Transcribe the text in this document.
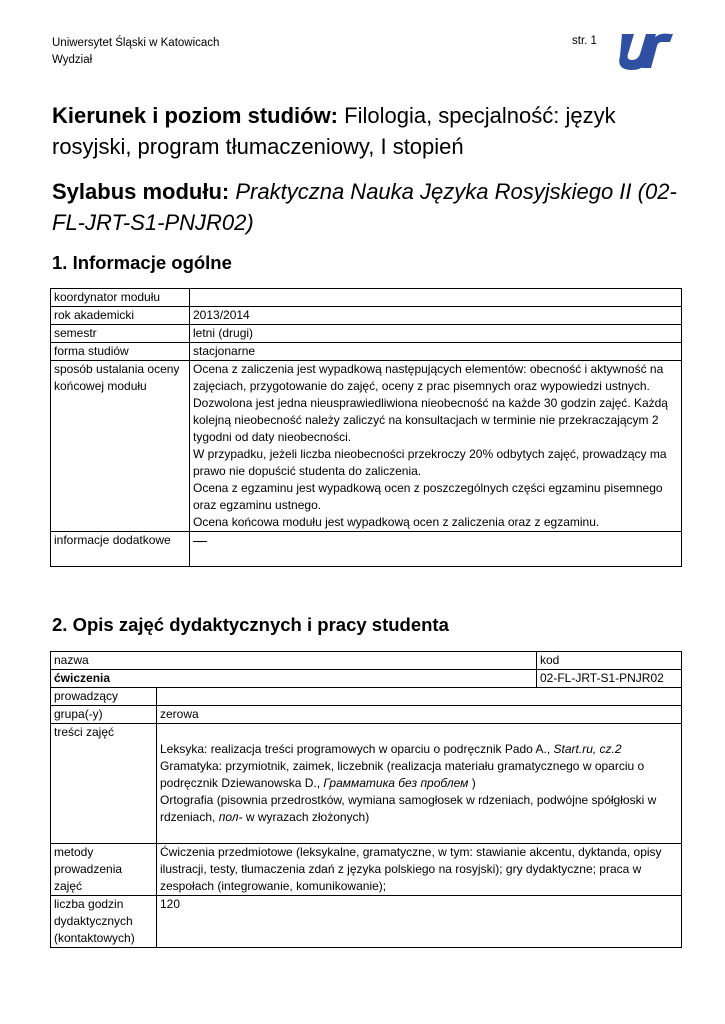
Uniwersytet Śląski w Katowicach
Wydział
str. 1
Kierunek i poziom studiów: Filologia, specjalność: język rosyjski, program tłumaczeniowy, I stopień
Sylabus modułu: Praktyczna Nauka Języka Rosyjskiego II (02-FL-JRT-S1-PNJR02)
1. Informacje ogólne
koordynator modułu	
rok akademicki	2013/2014
semestr	letni (drugi)
forma studiów	stacjonarne
sposób ustalania oceny końcowej modułu	Ocena z zaliczenia jest wypadkową następujących elementów: obecność i aktywność na zajęciach, przygotowanie do zajęć, oceny z prac pisemnych oraz wypowiedzi ustnych.
Dozwolona jest jedna nieusprawiedliwiona nieobecność na każde 30 godzin zajęć. Każdą kolejną nieobecność należy zaliczyć na konsultacjach w terminie nie przekraczającym 2 tygodni od daty nieobecności.
W przypadku, jeżeli liczba nieobecności przekroczy 20% odbytych zajęć, prowadzący ma prawo nie dopuścić studenta do zaliczenia.
Ocena z egzaminu jest wypadkową ocen z poszczególnych części egzaminu pisemnego oraz egzaminu ustnego.
Ocena końcowa modułu jest wypadkową ocen z zaliczenia oraz z egzaminu.

informacje dodatkowe	
2. Opis zajęć dydaktycznych i pracy studenta
nazwa		kod
ćwiczenia		02-FL-JRT-S1-PNJR02
prowadzący		
grupa(-y)	zerowa	
treści zajęć	Leksyka: realizacja treści programowych w oparciu o podręcznik Pado A., Start.ru, cz.2
Gramatyka: przymiotnik, zaimek, liczebnik (realizacja materiału gramatycznego w oparciu o podręcznik Dziewanowska D., Грамматика без проблем )
Ortografia (pisownia przedrostków, wymiana samogłosek w rdzeniach, podwójne spółgłoski w rdzeniach, пол- w wyrazach złożonych)	

metody prowadzenia zajęć	Ćwiczenia przedmiotowe (leksykalne, gramatyczne, w tym: stawianie akcentu, dyktanda, opisy ilustracji, testy, tłumaczenia zdań z języka polskiego na rosyjski); gry dydaktyczne; praca w zespołach (integrowanie, komunikowanie);	
liczba godzin dydaktycznych (kontaktowych)	120	
